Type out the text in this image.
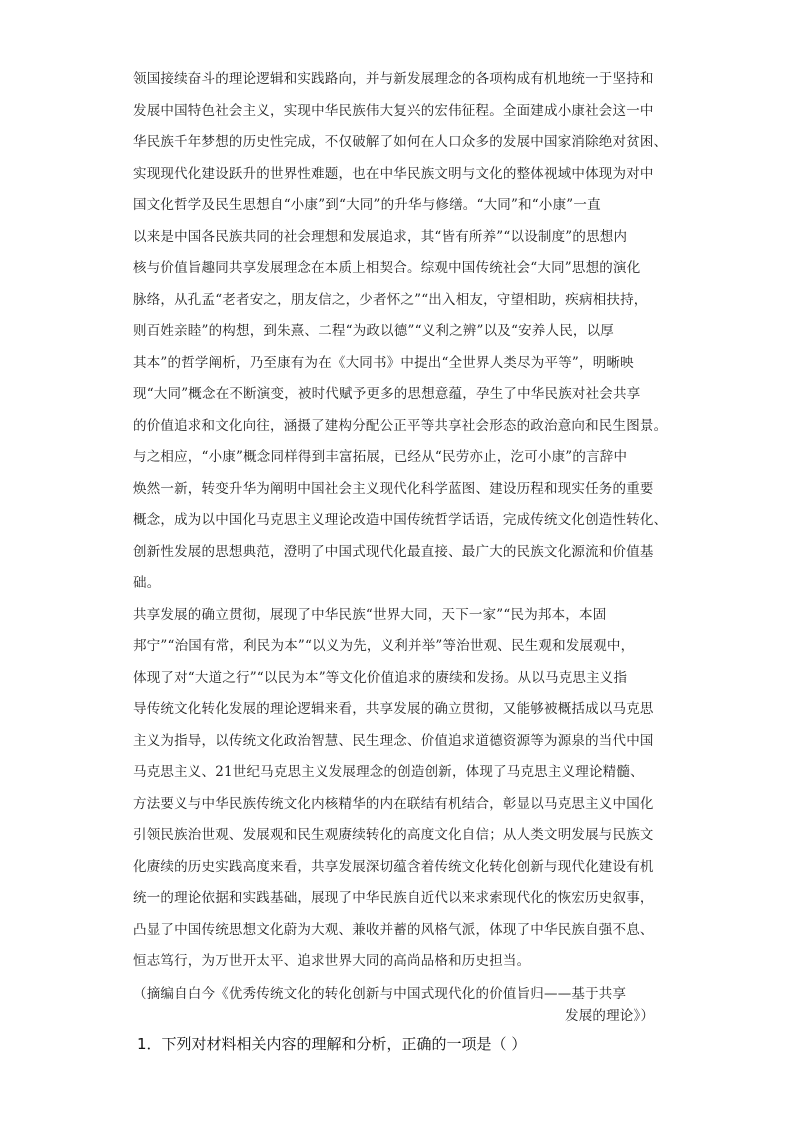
领国接续奋斗的理论逻辑和实践路向，并与新发展理念的各项构成有机地统一于坚持和
发展中国特色社会主义，实现中华民族伟大复兴的宏伟征程。全面建成小康社会这一中
华民族千年梦想的历史性完成，不仅破解了如何在人口众多的发展中国家消除绝对贫困、
实现现代化建设跃升的世界性难题，也在中华民族文明与文化的整体视域中体现为对中
国文化哲学及民生思想自“小康”到“大同”的升华与修缮。“大同”和“小康”一直
以来是中国各民族共同的社会理想和发展追求，其“皆有所养”“以设制度”的思想内
核与价值旨趣同共享发展理念在本质上相契合。综观中国传统社会“大同”思想的演化
脉络，从孔孟“老者安之，朋友信之，少者怀之”“出入相友，守望相助，疾病相扶持，
则百姓亲睦”的构想，到朱熹、二程“为政以德”“义利之辨”以及“安养人民，以厚
其本”的哲学阐析，乃至康有为在《大同书》中提出“全世界人类尽为平等”，明晰映
现“大同”概念在不断演变，被时代赋予更多的思想意蕴，孕生了中华民族对社会共享
的价值追求和文化向往，涵摄了建构分配公正平等共享社会形态的政治意向和民生图景。
与之相应，“小康”概念同样得到丰富拓展，已经从“民劳亦止，汔可小康”的言辞中
焕然一新，转变升华为阐明中国社会主义现代化科学蓝图、建设历程和现实任务的重要
概念，成为以中国化马克思主义理论改造中国传统哲学话语，完成传统文化创造性转化、
创新性发展的思想典范，澄明了中国式现代化最直接、最广大的民族文化源流和价值基
础。
共享发展的确立贯彻，展现了中华民族“世界大同，天下一家”“民为邦本，本固
邦宁”“治国有常，利民为本”“以义为先，义利并举”等治世观、民生观和发展观中，
体现了对“大道之行”“以民为本”等文化价值追求的赓续和发扬。从以马克思主义指
导传统文化转化发展的理论逻辑来看，共享发展的确立贯彻，又能够被概括成以马克思
主义为指导，以传统文化政治智慧、民生理念、价值追求道德资源等为源泉的当代中国
马克思主义、21世纪马克思主义发展理念的创造创新，体现了马克思主义理论精髓、
方法要义与中华民族传统文化内核精华的内在联结有机结合，彰显以马克思主义中国化
引领民族治世观、发展观和民生观赓续转化的高度文化自信；从人类文明发展与民族文
化赓续的历史实践高度来看，共享发展深切蕴含着传统文化转化创新与现代化建设有机
统一的理论依据和实践基础，展现了中华民族自近代以来求索现代化的恢宏历史叙事，
凸显了中国传统思想文化蔚为大观、兼收并蓄的风格气派，体现了中华民族自强不息、
恒志笃行，为万世开太平、追求世界大同的高尚品格和历史担当。
（摘编自白今《优秀传统文化的转化创新与中国式现代化的价值旨归——基于共享
发展的理论》）
1．下列对材料相关内容的理解和分析，正确的一项是（ ）
